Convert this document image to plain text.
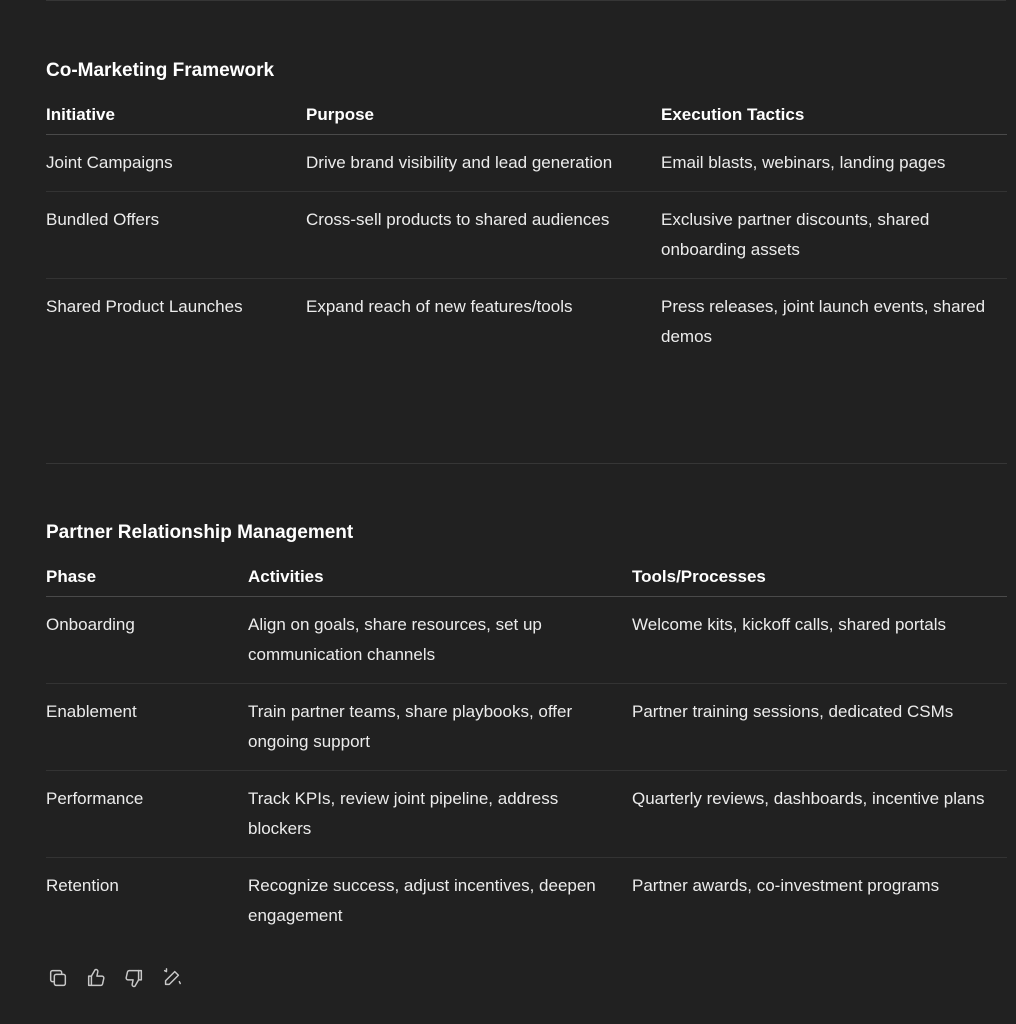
Co-Marketing Framework
Initiative	Purpose	Execution Tactics
Joint Campaigns	Drive brand visibility and lead generation	Email blasts, webinars, landing pages
Bundled Offers	Cross-sell products to shared audiences	Exclusive partner discounts, shared onboarding assets
Shared Product Launches	Expand reach of new features/tools	Press releases, joint launch events, shared demos
Partner Relationship Management
Phase	Activities	Tools/Processes
Onboarding	Align on goals, share resources, set up communication channels	Welcome kits, kickoff calls, shared portals
Enablement	Train partner teams, share playbooks, offer ongoing support	Partner training sessions, dedicated CSMs
Performance	Track KPIs, review joint pipeline, address blockers	Quarterly reviews, dashboards, incentive plans
Retention	Recognize success, adjust incentives, deepen engagement	Partner awards, co-investment programs
